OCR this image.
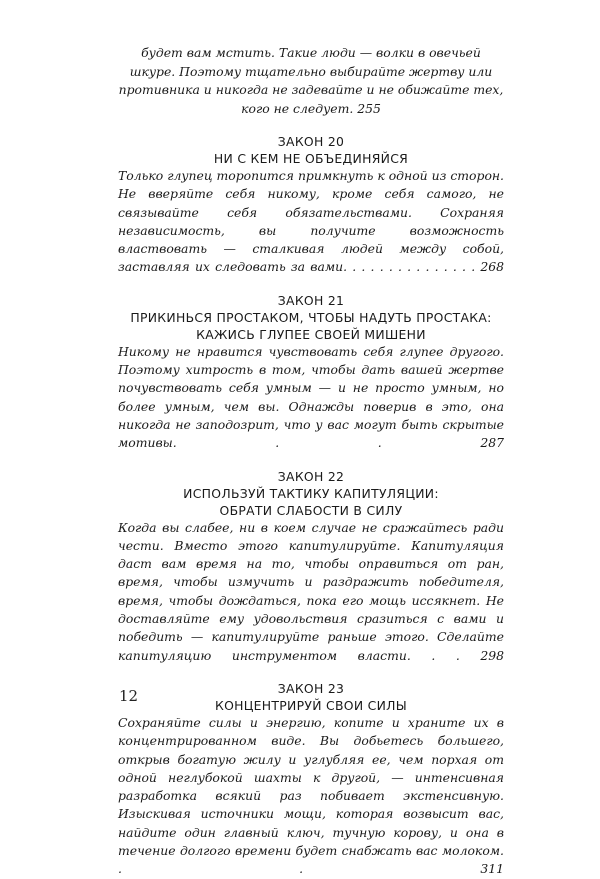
будет вам мстить. Такие люди — волки в овечьей шкуре. Поэтому тщательно выбирайте жертву или противника и никогда не задевайте и не обижайте тех, кого не следует. 255

ЗАКОН 20

НИ С КЕМ НЕ ОБЪЕДИНЯЙСЯ

Только глупец торопится примкнуть к одной из сторон. Не вверяйте себя никому, кроме себя самого, не связывайте себя обязательствами. Сохраняя независимость, вы получите возможность властвовать — сталкивая людей между собой, заставляя их следовать за вами. . . . . . . . . . . . . . . 268

ЗАКОН 21

ПРИКИНЬСЯ ПРОСТАКОМ, ЧТОБЫ НАДУТЬ ПРОСТАКА:

КАЖИСЬ ГЛУПЕЕ СВОЕЙ МИШЕНИ

Никому не нравится чувствовать себя глупее другого. Поэтому хитрость в том, чтобы дать вашей жертве почувствовать себя умным — и не просто умным, но более умным, чем вы. Однажды поверив в это, она никогда не заподозрит, что у вас могут быть скрытые мотивы. . . 287

ЗАКОН 22

ИСПОЛЬЗУЙ ТАКТИКУ КАПИТУЛЯЦИИ:

ОБРАТИ СЛАБОСТИ В СИЛУ

Когда вы слабее, ни в коем случае не сражайтесь ради чести. Вместо этого капитулируйте. Капитуляция даст вам время на то, чтобы оправиться от ран, время, чтобы измучить и раздражить победителя, время, чтобы дождаться, пока его мощь иссякнет. Не доставляйте ему удовольствия сразиться с вами и победить — капитулируйте раньше этого. Сделайте капитуляцию инструментом власти. . . 298

ЗАКОН 23

КОНЦЕНТРИРУЙ СВОИ СИЛЫ

Сохраняйте силы и энергию, копите и храните их в концентрированном виде. Вы добьетесь большего, открыв богатую жилу и углубляя ее, чем порхая от одной неглубокой шахты к другой, — интенсивная разработка всякий раз побивает экстенсивную. Изыскивая источники мощи, которая возвысит вас, найдите один главный ключ, тучную корову, и она в течение долгого времени будет снабжать вас молоком. . . 311

12
